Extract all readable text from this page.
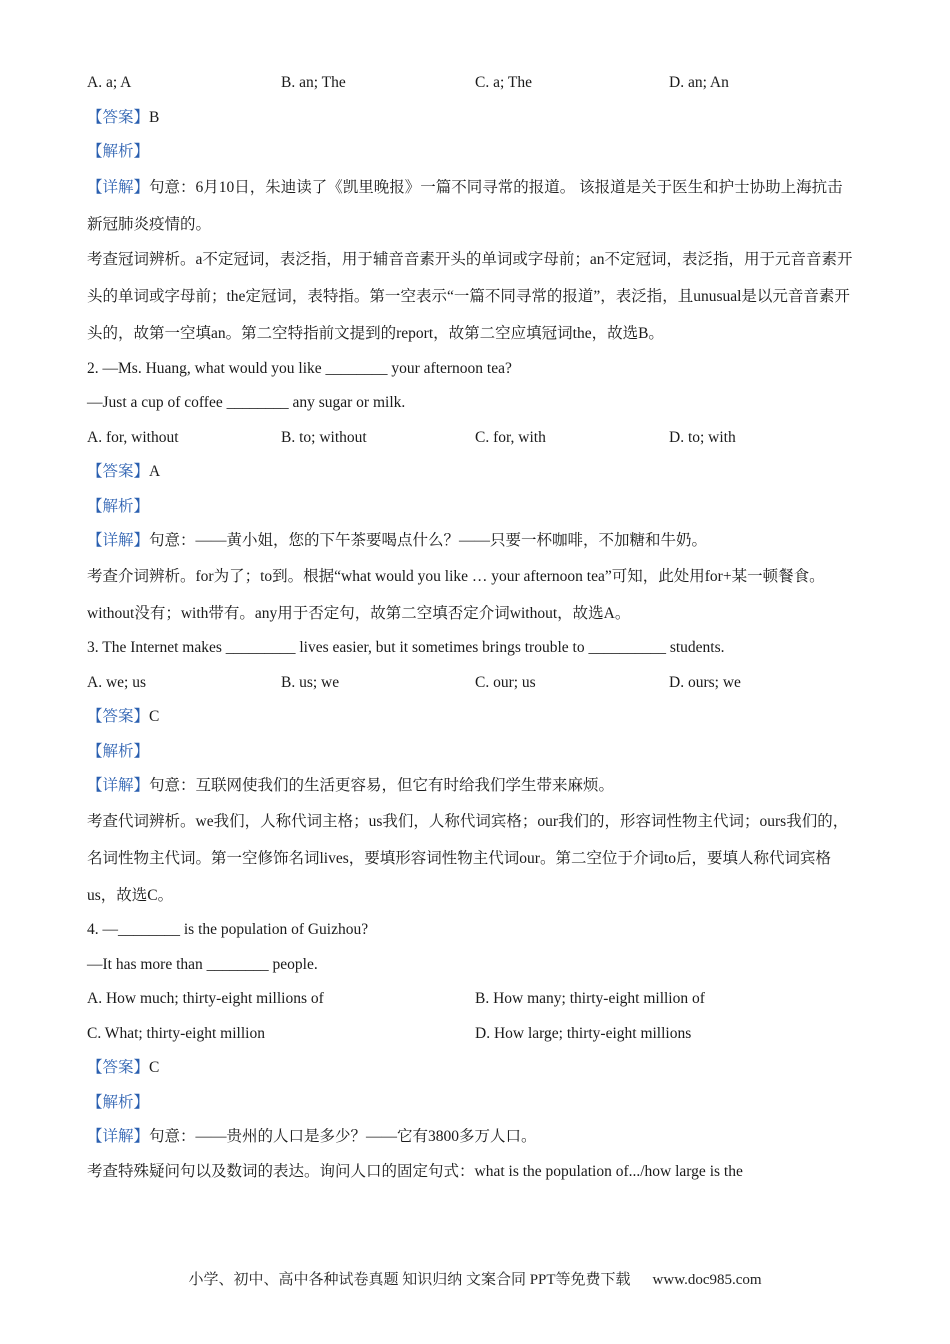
A. a; A	B. an; The	C. a; The	D. an; An
【答案】B
【解析】
【详解】句意：6月10日，朱迪读了《凯里晚报》一篇不同寻常的报道。 该报道是关于医生和护士协助上海抗击新冠肺炎疫情的。
考查冠词辨析。a不定冠词，表泛指，用于辅音音素开头的单词或字母前；an不定冠词，表泛指，用于元音音素开头的单词或字母前；the定冠词，表特指。第一空表示“一篇不同寻常的报道”，表泛指，且unusual是以元音音素开头的，故第一空填an。第二空特指前文提到的report，故第二空应填冠词the，故选B。
2. —Ms. Huang, what would you like ________ your afternoon tea?
—Just a cup of coffee ________ any sugar or milk.
A. for, without	B. to; without	C. for, with	D. to; with
【答案】A
【解析】
【详解】句意：——黄小姐，您的下午茶要喝点什么？——只要一杯咖啡，不加糖和牛奶。
考查介词辨析。for为了；to到。根据“what would you like … your afternoon tea”可知，此处用for+某一顿餐食。without没有；with带有。any用于否定句，故第二空填否定介词without，故选A。
3. The Internet makes _________ lives easier, but it sometimes brings trouble to __________ students.
A. we; us	B. us; we	C. our; us	D. ours; we
【答案】C
【解析】
【详解】句意：互联网使我们的生活更容易，但它有时给我们学生带来麻烦。
考查代词辨析。we我们，人称代词主格；us我们，人称代词宾格；our我们的，形容词性物主代词；ours我们的，名词性物主代词。第一空修饰名词lives，要填形容词性物主代词our。第二空位于介词to后，要填人称代词宾格us，故选C。
4. —________ is the population of Guizhou?
—It has more than ________ people.
A. How much; thirty-eight millions of	B. How many; thirty-eight million of
C. What; thirty-eight million	D. How large; thirty-eight millions
【答案】C
【解析】
【详解】句意：——贵州的人口是多少？——它有3800多万人口。
考查特殊疑问句以及数词的表达。询问人口的固定句式：what is the population of.../how large is the
小学、初中、高中各种试卷真题 知识归纳 文案合同 PPT等免费下载 www.doc985.com
